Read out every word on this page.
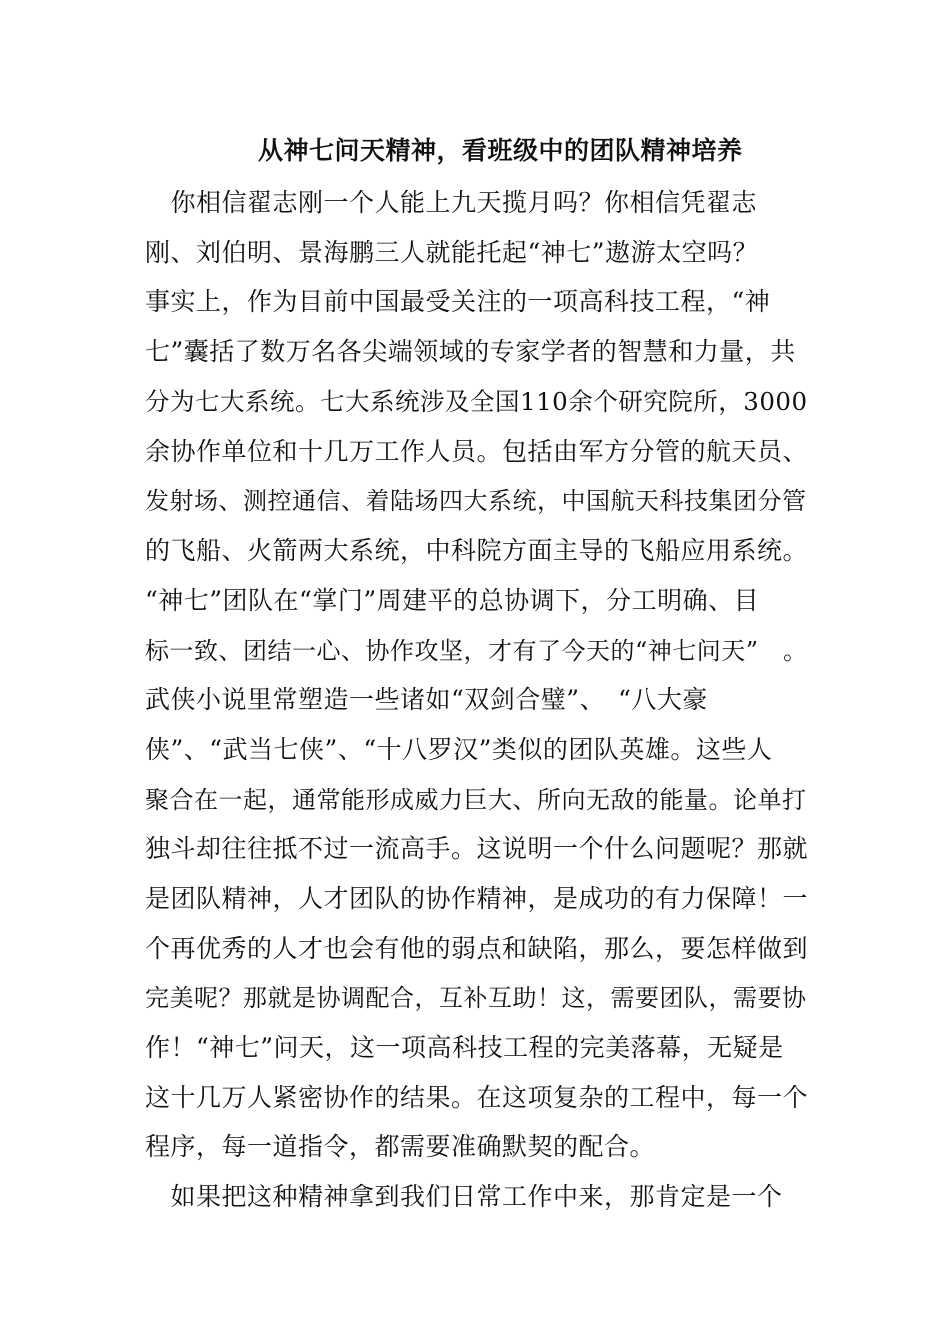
从神七问天精神，看班级中的团队精神培养

　你相信翟志刚一个人能上九天揽月吗？你相信凭翟志

刚、刘伯明、景海鹏三人就能托起“神七”遨游太空吗？

事实上，作为目前中国最受关注的一项高科技工程，“神

七”囊括了数万名各尖端领域的专家学者的智慧和力量，共

分为七大系统。七大系统涉及全国110余个研究院所，3000

余协作单位和十几万工作人员。包括由军方分管的航天员、

发射场、测控通信、着陆场四大系统，中国航天科技集团分管

的飞船、火箭两大系统，中科院方面主导的飞船应用系统。

“神七”团队在“掌门”周建平的总协调下，分工明确、目

标一致、团结一心、协作攻坚，才有了今天的“神七问天”　。

武侠小说里常塑造一些诸如“双剑合璧”、　“八大豪

侠”、“武当七侠”、“十八罗汉”类似的团队英雄。这些人

聚合在一起，通常能形成威力巨大、所向无敌的能量。论单打

独斗却往往抵不过一流高手。这说明一个什么问题呢？那就

是团队精神，人才团队的协作精神，是成功的有力保障！一

个再优秀的人才也会有他的弱点和缺陷，那么，要怎样做到

完美呢？那就是协调配合，互补互助！这，需要团队，需要协

作！“神七”问天，这一项高科技工程的完美落幕，无疑是

这十几万人紧密协作的结果。在这项复杂的工程中，每一个

程序，每一道指令，都需要准确默契的配合。

　如果把这种精神拿到我们日常工作中来，那肯定是一个
